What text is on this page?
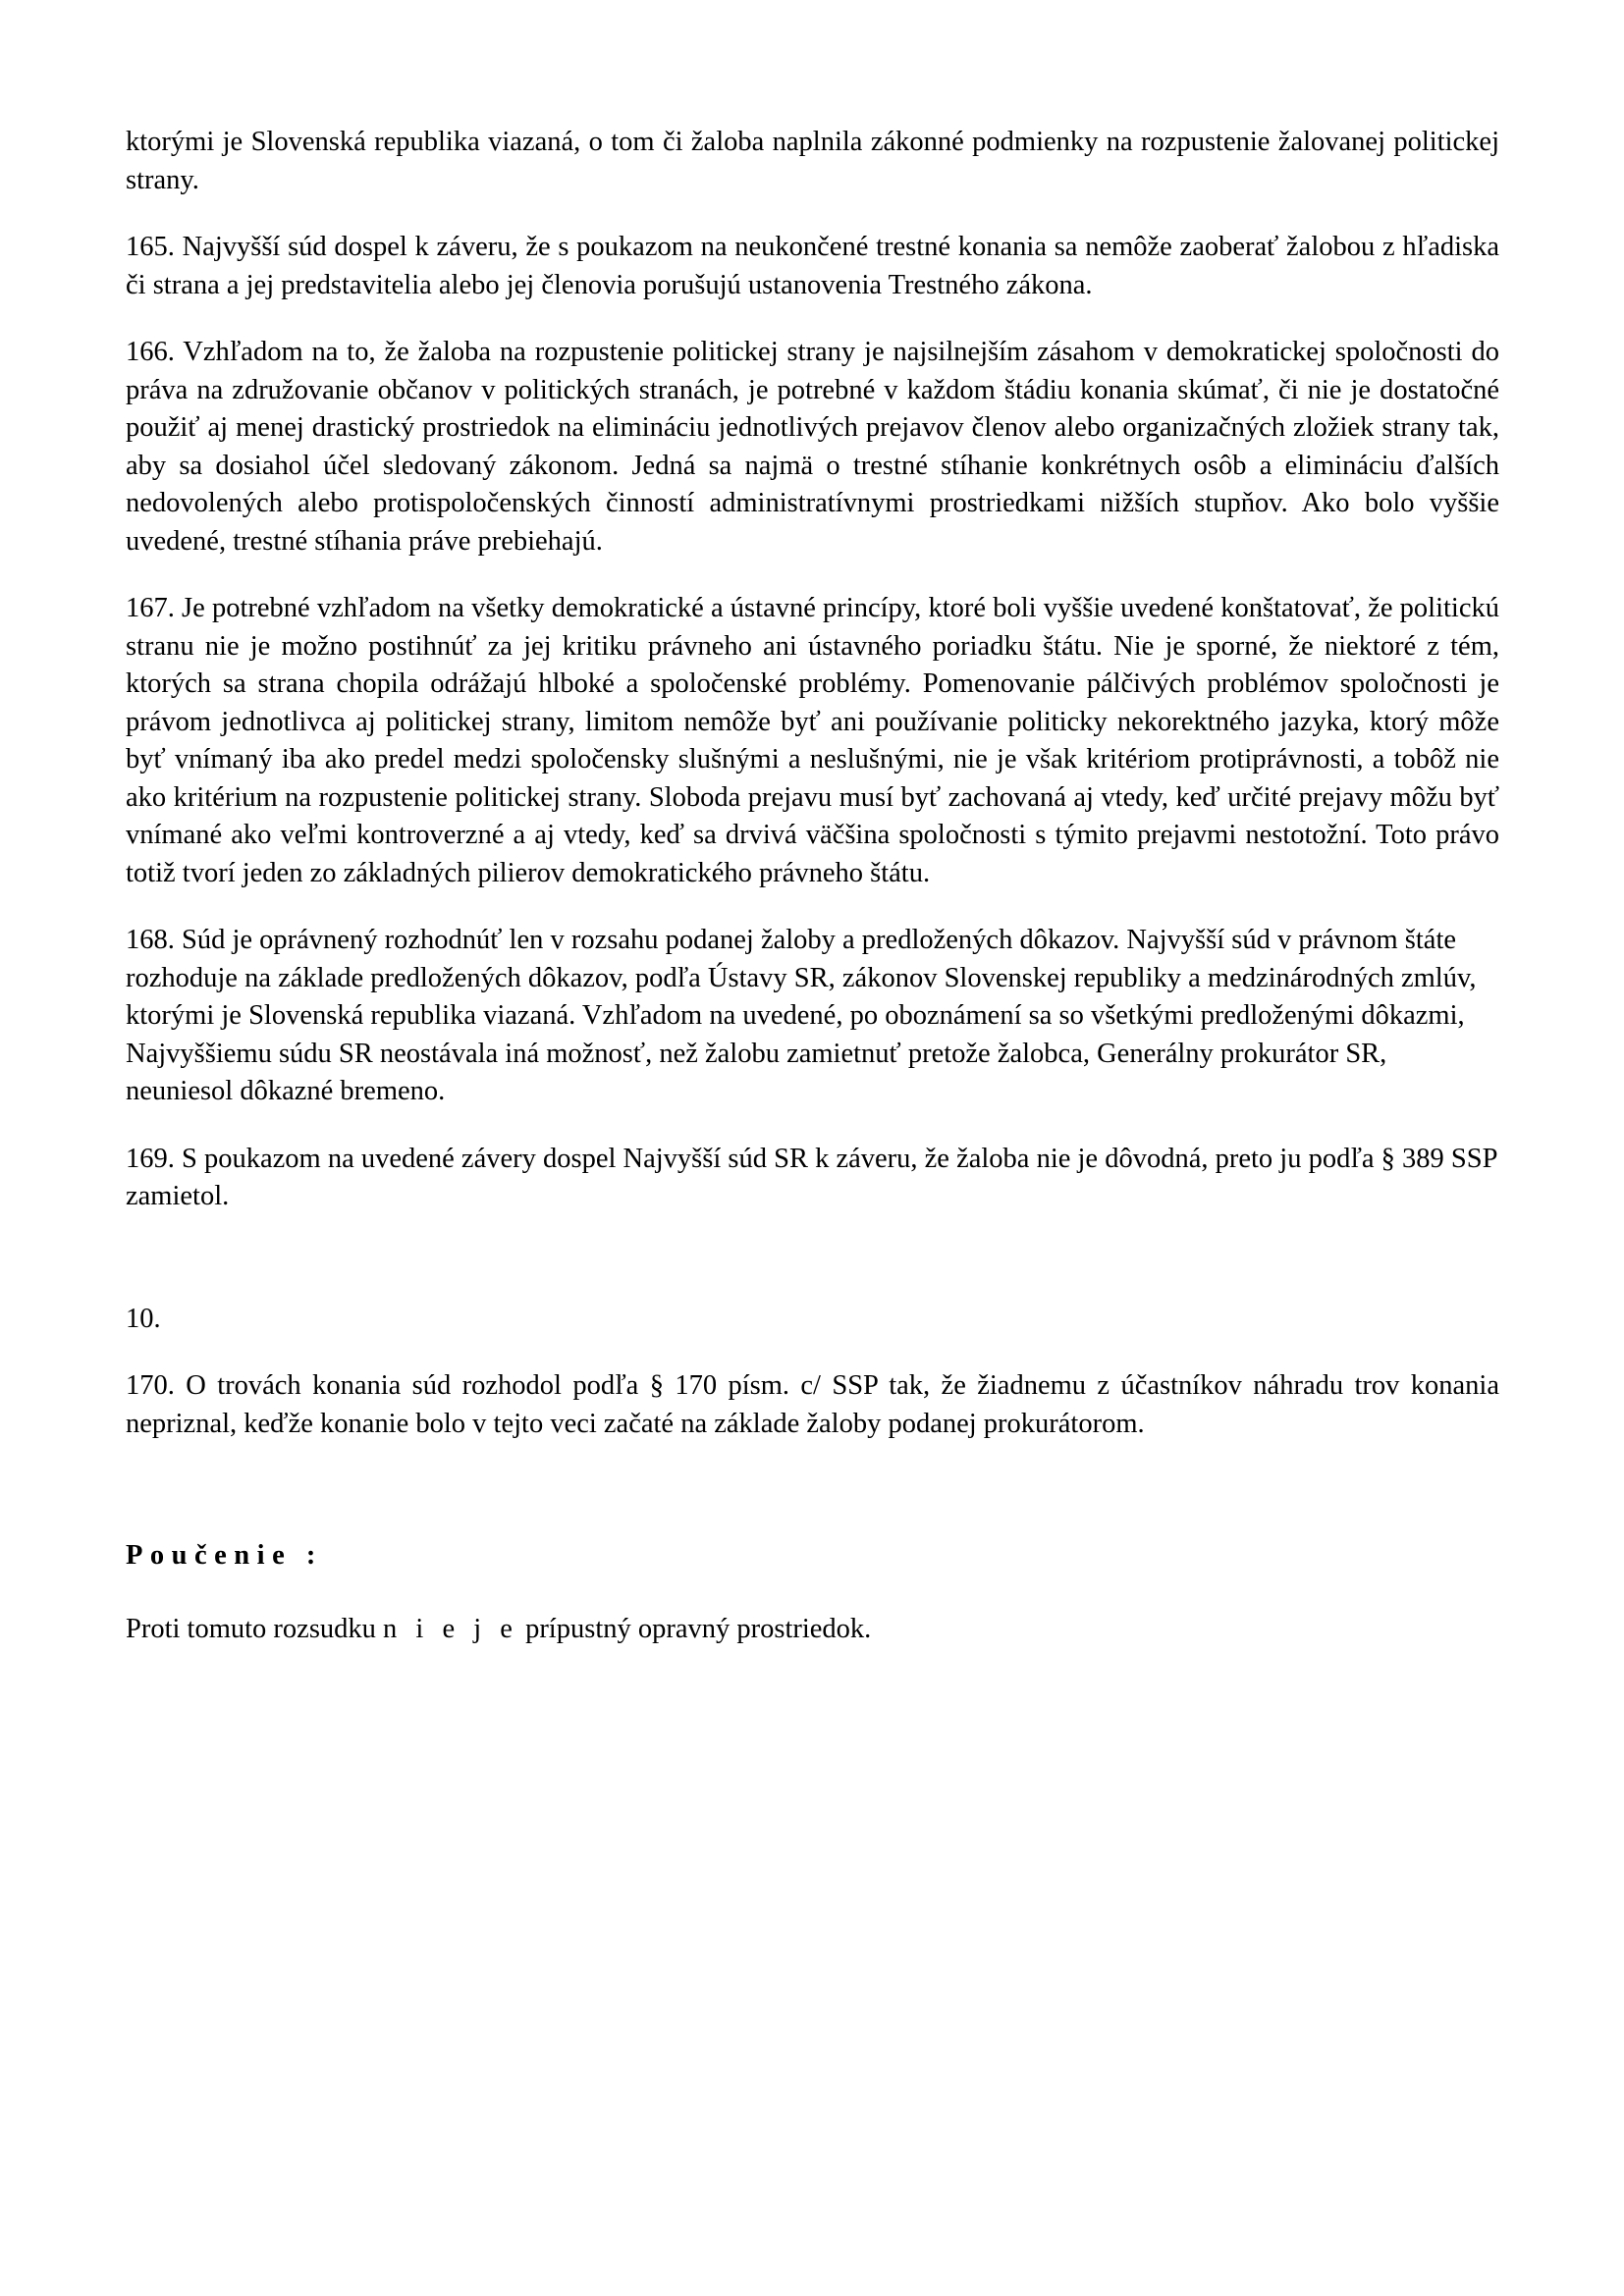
ktorými je Slovenská republika viazaná, o tom či žaloba naplnila zákonné podmienky na rozpustenie žalovanej politickej strany.

165. Najvyšší súd dospel k záveru, že s poukazom na neukončené trestné konania sa nemôže zaoberať žalobou z hľadiska či strana a jej predstavitelia alebo jej členovia porušujú ustanovenia Trestného zákona.

166. Vzhľadom na to, že žaloba na rozpustenie politickej strany je najsilnejším zásahom v demokratickej spoločnosti do práva na združovanie občanov v politických stranách, je potrebné v každom štádiu konania skúmať, či nie je dostatočné použiť aj menej drastický prostriedok na elimináciu jednotlivých prejavov členov alebo organizačných zložiek strany tak, aby sa dosiahol účel sledovaný zákonom. Jedná sa najmä o trestné stíhanie konkrétnych osôb a elimináciu ďalších nedovolených alebo protispoločenských činností administratívnymi prostriedkami nižších stupňov. Ako bolo vyššie uvedené, trestné stíhania práve prebiehajú.

167. Je potrebné vzhľadom na všetky demokratické a ústavné princípy, ktoré boli vyššie uvedené konštatovať, že politickú stranu nie je možno postihnúť za jej kritiku právneho ani ústavného poriadku štátu. Nie je sporné, že niektoré z tém, ktorých sa strana chopila odrážajú hlboké a spoločenské problémy. Pomenovanie pálčivých problémov spoločnosti je právom jednotlivca aj politickej strany, limitom nemôže byť ani používanie politicky nekorektného jazyka, ktorý môže byť vnímaný iba ako predel medzi spoločensky slušnými a neslušnými, nie je však kritériom protiprávnosti, a tobôž nie ako kritérium na rozpustenie politickej strany. Sloboda prejavu musí byť zachovaná aj vtedy, keď určité prejavy môžu byť vnímané ako veľmi kontroverzné a aj vtedy, keď sa drvivá väčšina spoločnosti s týmito prejavmi nestotožní. Toto právo totiž tvorí jeden zo základných pilierov demokratického právneho štátu.

168. Súd je oprávnený rozhodnúť len v rozsahu podanej žaloby a predložených dôkazov. Najvyšší súd v právnom štáte rozhoduje na základe predložených dôkazov, podľa Ústavy SR, zákonov Slovenskej republiky a medzinárodných zmlúv, ktorými je Slovenská republika viazaná. Vzhľadom na uvedené, po oboznámení sa so všetkými predloženými dôkazmi, Najvyššiemu súdu SR neostávala iná možnosť, než žalobu zamietnuť pretože žalobca, Generálny prokurátor SR, neuniesol dôkazné bremeno.

169. S poukazom na uvedené závery dospel Najvyšší súd SR k záveru, že žaloba nie je dôvodná, preto ju podľa § 389 SSP zamietol.

10.

170. O trovách konania súd rozhodol podľa § 170 písm. c/ SSP tak, že žiadnemu z účastníkov náhradu trov konania nepriznal, keďže konanie bolo v tejto veci začaté na základe žaloby podanej prokurátorom.

Poučenie :

Proti tomuto rozsudku n i e j e prípustný opravný prostriedok.
